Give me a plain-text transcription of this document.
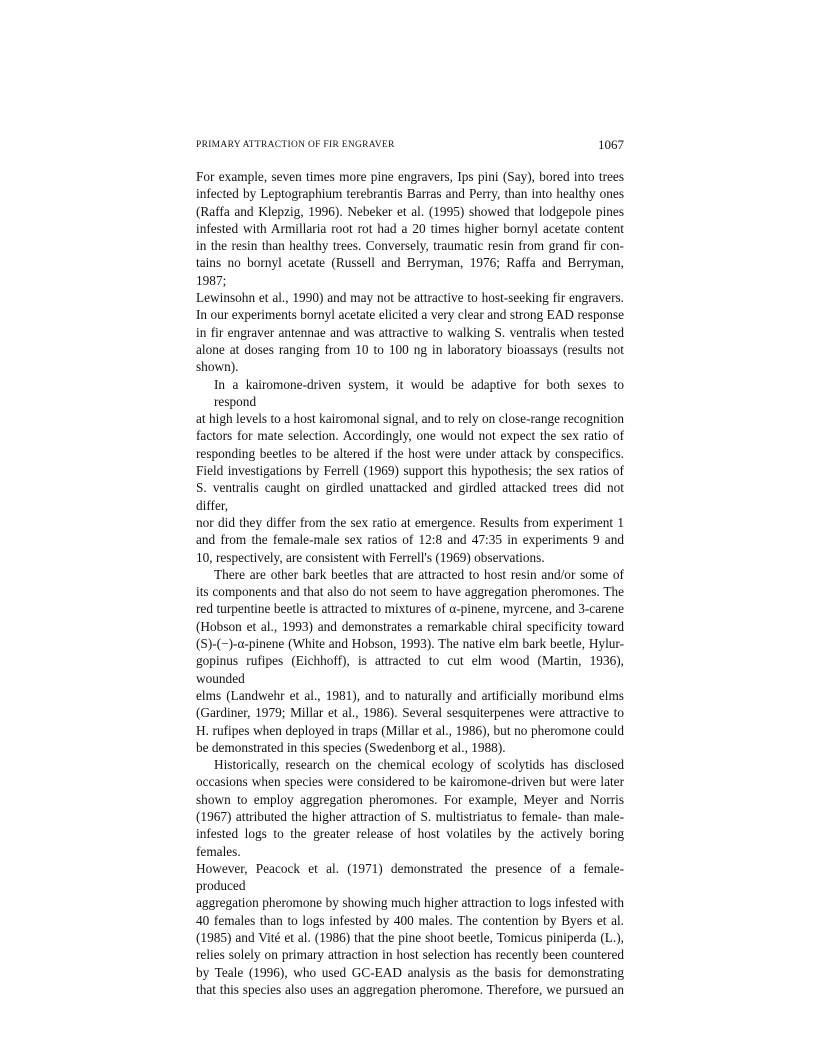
PRIMARY ATTRACTION OF FIR ENGRAVER	1067
For example, seven times more pine engravers, Ips pini (Say), bored into trees
infected by Leptographium terebrantis Barras and Perry, than into healthy ones
(Raffa and Klepzig, 1996). Nebeker et al. (1995) showed that lodgepole pines
infested with Armillaria root rot had a 20 times higher bornyl acetate content
in the resin than healthy trees. Conversely, traumatic resin from grand fir con-
tains no bornyl acetate (Russell and Berryman, 1976; Raffa and Berryman, 1987;
Lewinsohn et al., 1990) and may not be attractive to host-seeking fir engravers.
In our experiments bornyl acetate elicited a very clear and strong EAD response
in fir engraver antennae and was attractive to walking S. ventralis when tested
alone at doses ranging from 10 to 100 ng in laboratory bioassays (results not
shown).
In a kairomone-driven system, it would be adaptive for both sexes to respond
at high levels to a host kairomonal signal, and to rely on close-range recognition
factors for mate selection. Accordingly, one would not expect the sex ratio of
responding beetles to be altered if the host were under attack by conspecifics.
Field investigations by Ferrell (1969) support this hypothesis; the sex ratios of
S. ventralis caught on girdled unattacked and girdled attacked trees did not differ,
nor did they differ from the sex ratio at emergence. Results from experiment 1
and from the female-male sex ratios of 12:8 and 47:35 in experiments 9 and
10, respectively, are consistent with Ferrell's (1969) observations.
There are other bark beetles that are attracted to host resin and/or some of
its components and that also do not seem to have aggregation pheromones. The
red turpentine beetle is attracted to mixtures of α-pinene, myrcene, and 3-carene
(Hobson et al., 1993) and demonstrates a remarkable chiral specificity toward
(S)-(−)-α-pinene (White and Hobson, 1993). The native elm bark beetle, Hylur-
gopinus rufipes (Eichhoff), is attracted to cut elm wood (Martin, 1936), wounded
elms (Landwehr et al., 1981), and to naturally and artificially moribund elms
(Gardiner, 1979; Millar et al., 1986). Several sesquiterpenes were attractive to
H. rufipes when deployed in traps (Millar et al., 1986), but no pheromone could
be demonstrated in this species (Swedenborg et al., 1988).
Historically, research on the chemical ecology of scolytids has disclosed
occasions when species were considered to be kairomone-driven but were later
shown to employ aggregation pheromones. For example, Meyer and Norris
(1967) attributed the higher attraction of S. multistriatus to female- than male-
infested logs to the greater release of host volatiles by the actively boring females.
However, Peacock et al. (1971) demonstrated the presence of a female-produced
aggregation pheromone by showing much higher attraction to logs infested with
40 females than to logs infested by 400 males. The contention by Byers et al.
(1985) and Vité et al. (1986) that the pine shoot beetle, Tomicus piniperda (L.),
relies solely on primary attraction in host selection has recently been countered
by Teale (1996), who used GC-EAD analysis as the basis for demonstrating
that this species also uses an aggregation pheromone. Therefore, we pursued an
